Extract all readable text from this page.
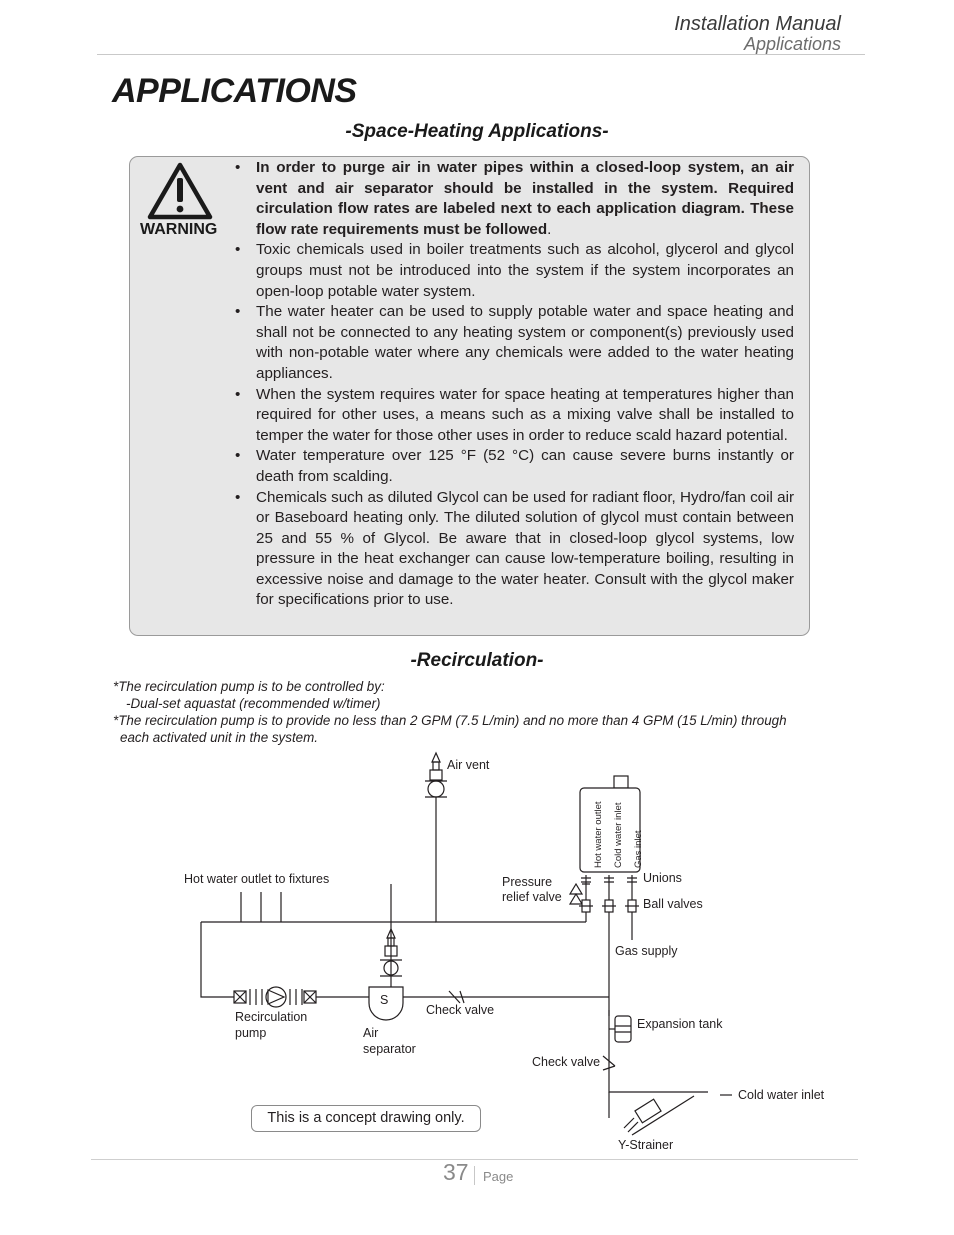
Installation Manual
Applications
APPLICATIONS
-Space-Heating Applications-
WARNING
• In order to purge air in water pipes within a closed-loop system, an air vent and air separator should be installed in the system. Required circulation flow rates are labeled next to each application diagram. These flow rate requirements must be followed.
• Toxic chemicals used in boiler treatments such as alcohol, glycerol and glycol groups must not be introduced into the system if the system incorporates an open-loop potable water system.
• The water heater can be used to supply potable water and space heating and shall not be connected to any heating system or component(s) previously used with non-potable water where any chemicals were added to the water heating appliances.
• When the system requires water for space heating at temperatures higher than required for other uses, a means such as a mixing valve shall be installed to temper the water for those other uses in order to reduce scald hazard potential.
• Water temperature over 125 °F (52 °C) can cause severe burns instantly or death from scalding.
• Chemicals such as diluted Glycol can be used for radiant floor, Hydro/fan coil air or Baseboard heating only. The diluted solution of glycol must contain between 25 and 55 % of Glycol. Be aware that in closed-loop glycol systems, low pressure in the heat exchanger can cause low-temperature boiling, resulting in excessive noise and damage to the water heater. Consult with the glycol maker for specifications prior to use.
-Recirculation-
*The recirculation pump is to be controlled by:
-Dual-set aquastat (recommended w/timer)
*The recirculation pump is to provide no less than 2 GPM (7.5 L/min) and no more than 4 GPM (15 L/min) through
each activated unit in the system.
Air vent
Hot water outlet to fixtures	Pressure
relief valve
Unions
Ball valves
Gas supply
Recirculation
pump
S
Air
separator
Check valve
Expansion tank
Check valve
Cold water inlet
Y-Strainer
Hot water outlet Cold water inlet Gas inlet
This is a concept drawing only.
37 Page
